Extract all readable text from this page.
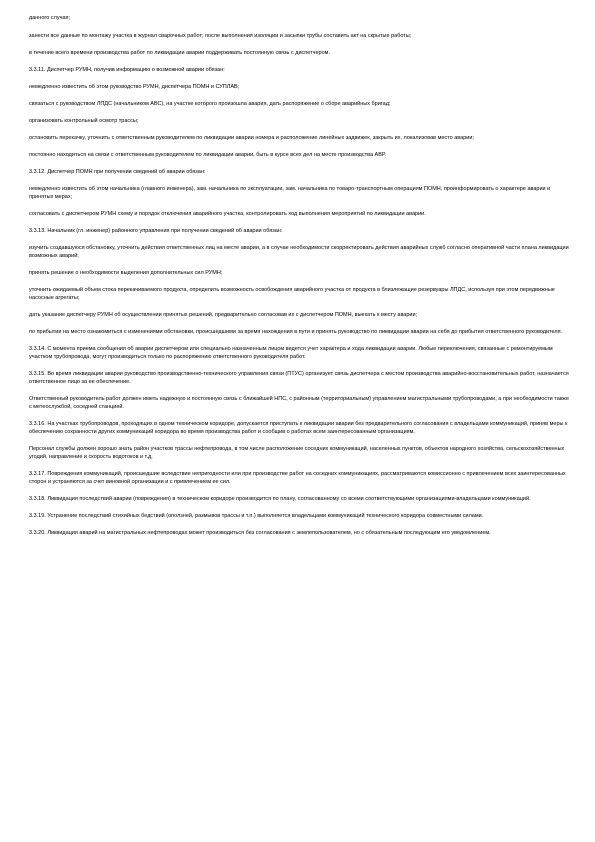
данного случая;

занести все данные по монтажу участка в журнал сварочных работ; после выполнения изоляции и засыпки трубы составить акт на скрытые работы;

в течение всего времени производства работ по ликвидации аварии поддерживать постоянную связь с диспетчером.

3.3.11. Диспетчер РУМН, получив информацию о возможной аварии обязан:

немедленно известить об этом руководство РУМН, диспетчера ПОМН и СУПЛАВ;

связаться с руководством ЛПДС (начальником АВС), на участке которого произошла авария, дать распоряжение о сборе аварийных бригад;

организовать контрольный осмотр трассы;

остановить перекачку, уточнить с ответственным руководителем по ликвидации аварии номера и расположение линейных задвижек, закрыть их, локализовав место аварии;

постоянно находиться на связи с ответственным руководителем по ликвидации аварии, быть в курсе всех дел на месте производства АВР.

3.3.12. Диспетчер ПОМН при получении сведений об аварии обязан:

немедленно известить об этом начальника (главного инженера), зам. начальника по эксплуатации, зам. начальника по товаро-транспортным операциям ПОМН, проинформировать о характере аварии и принятых мерах;

согласовать с диспетчером РУМН схему и порядок отключения аварийного участка, контролировать ход выполнения мероприятий по ликвидации аварии.

3.3.13. Начальник (гл. инженер) районного управления при получении сведений об аварии обязан:

изучить создавшуюся обстановку, уточнить действия ответственных лиц на месте аварии, а в случае необходимости скорректировать действия аварийных служб согласно оперативной части плана ликвидации возможных аварий;

принять решение о необходимости выделения дополнительных сил РУМН;

уточнить ожидаемый объем стока перекачиваемого продукта, определить возможность освобождения аварийного участка от продукта в близлежащие резервуары ЛПДС, используя при этом передвижные насосные агрегаты;

дать указание диспетчеру РУМН об осуществлении принятых решений, предварительно согласовав их с диспетчером ПОМН, выехать к месту аварии;

по прибытии на место ознакомиться с изменениями обстановки, происшедшими за время нахождения в пути и принять руководство по ликвидации аварии на себя до прибытия ответственного руководителя.

3.3.14. С момента приема сообщения об аварии диспетчером или специально назначенным лицом ведется учет характера и хода ликвидации аварии. Любые переключения, связанные с ремонтируемым участком трубопровода, могут производиться только по распоряжению ответственного руководителя работ.

3.3.15. Во время ликвидации аварии руководство производственно-технического управления связи (ПТУС) организует связь диспетчера с местом производства аварийно-восстановительных работ, назначается ответственное лицо за ее обеспечение.

Ответственный руководитель работ должен иметь надежную и постоянную связь с ближайшей НПС, с районным (территориальным) управлением магистральными трубопроводами, а при необходимости также с метеослужбой, соседней станцией.

3.3.16. На участках трубопроводов, проходящих в одном техническом коридоре, допускается приступать к ликвидации аварии без предварительного согласования с владельцами коммуникаций, приняв меры к обеспечению сохранности других коммуникаций коридора во время производства работ и сообщив о работах всем заинтересованным организациям.

Персонал службы должен хорошо знать район участков трассы нефтепровода, в том числе расположение соседних коммуникаций, населенных пунктов, объектов народного хозяйства, сельскохозяйственных угодий, направление и скорость водотоков и т.д.

3.3.17. Повреждения коммуникаций, происшедшие вследствие непригодности или при производстве работ на соседних коммуникациях, рассматриваются комиссионно с привлечением всех заинтересованных сторон и устраняются за счет виновной организации и с привлечением ее сил.

3.3.18. Ликвидация последствий аварии (повреждения) в техническом коридоре производится по плану, согласованному со всеми соответствующими организациями-владельцами коммуникаций.

3.3.19. Устранение последствий стихийных бедствий (оползней, размывов трассы и т.п.) выполняется владельцами коммуникаций технического коридора совместными силами.

3.3.20. Ликвидация аварий на магистральных нефтепроводах может производиться без согласования с землепользователем, но с обязательным последующим его уведомлением.
